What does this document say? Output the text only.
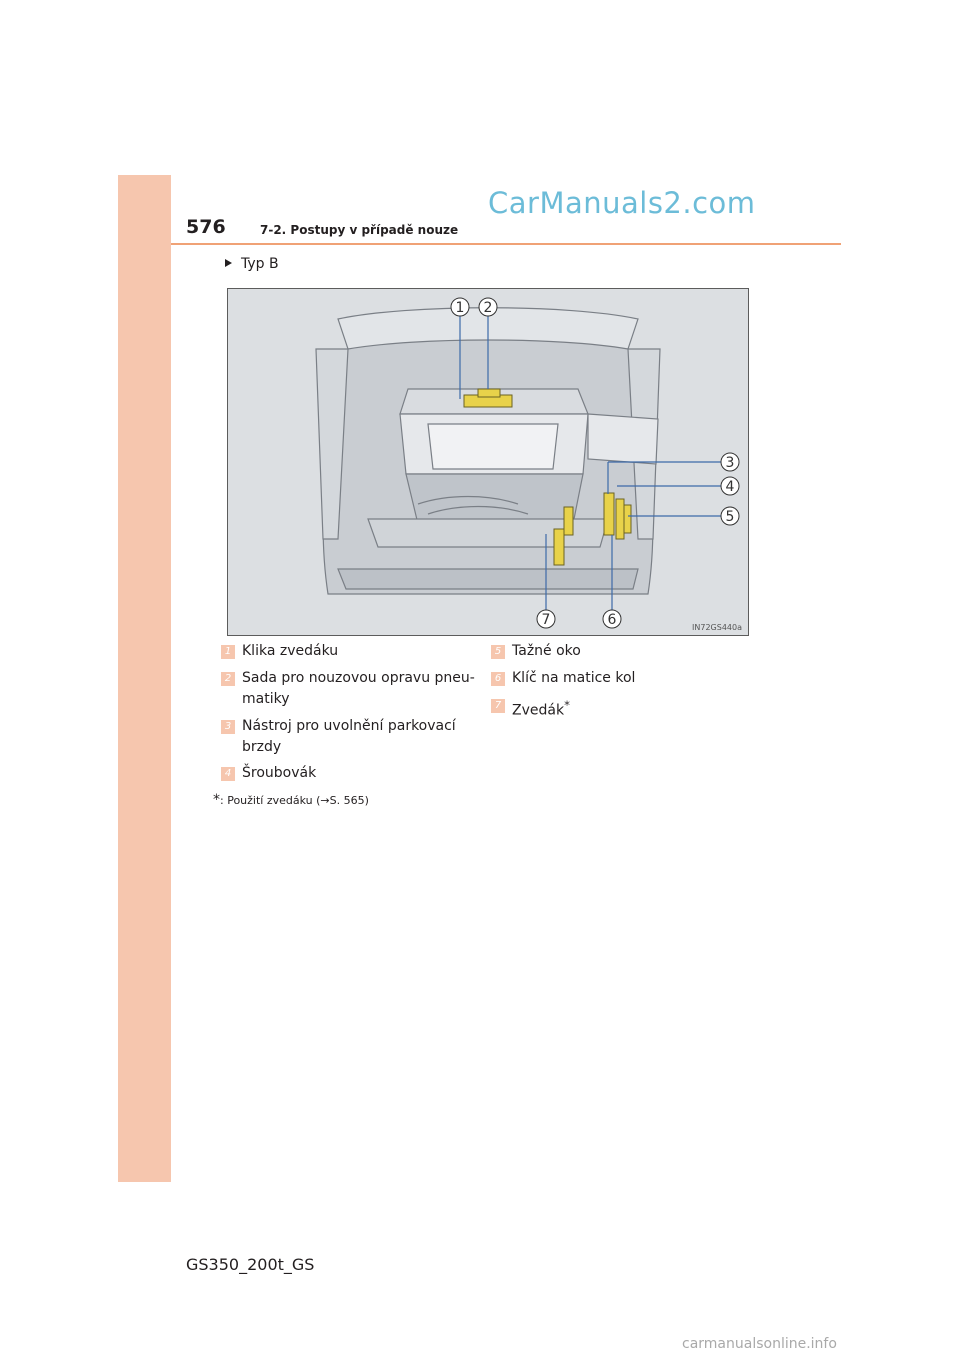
576	7-2. Postupy v případě nouze
CarManuals2.com
Typ B
1 2
3
4
5
6
7	IN72GS440a
1 Klika zvedáku
2 Sada pro nouzovou opravu pneu-
matiky
3 Nástroj pro uvolnění parkovací
brzdy
4 Šroubovák
5 Tažné oko
6 Klíč na matice kol
7 Zvedák*
*: Použití zvedáku (→S. 565)
GS350_200t_GS
carmanualsonline.info
